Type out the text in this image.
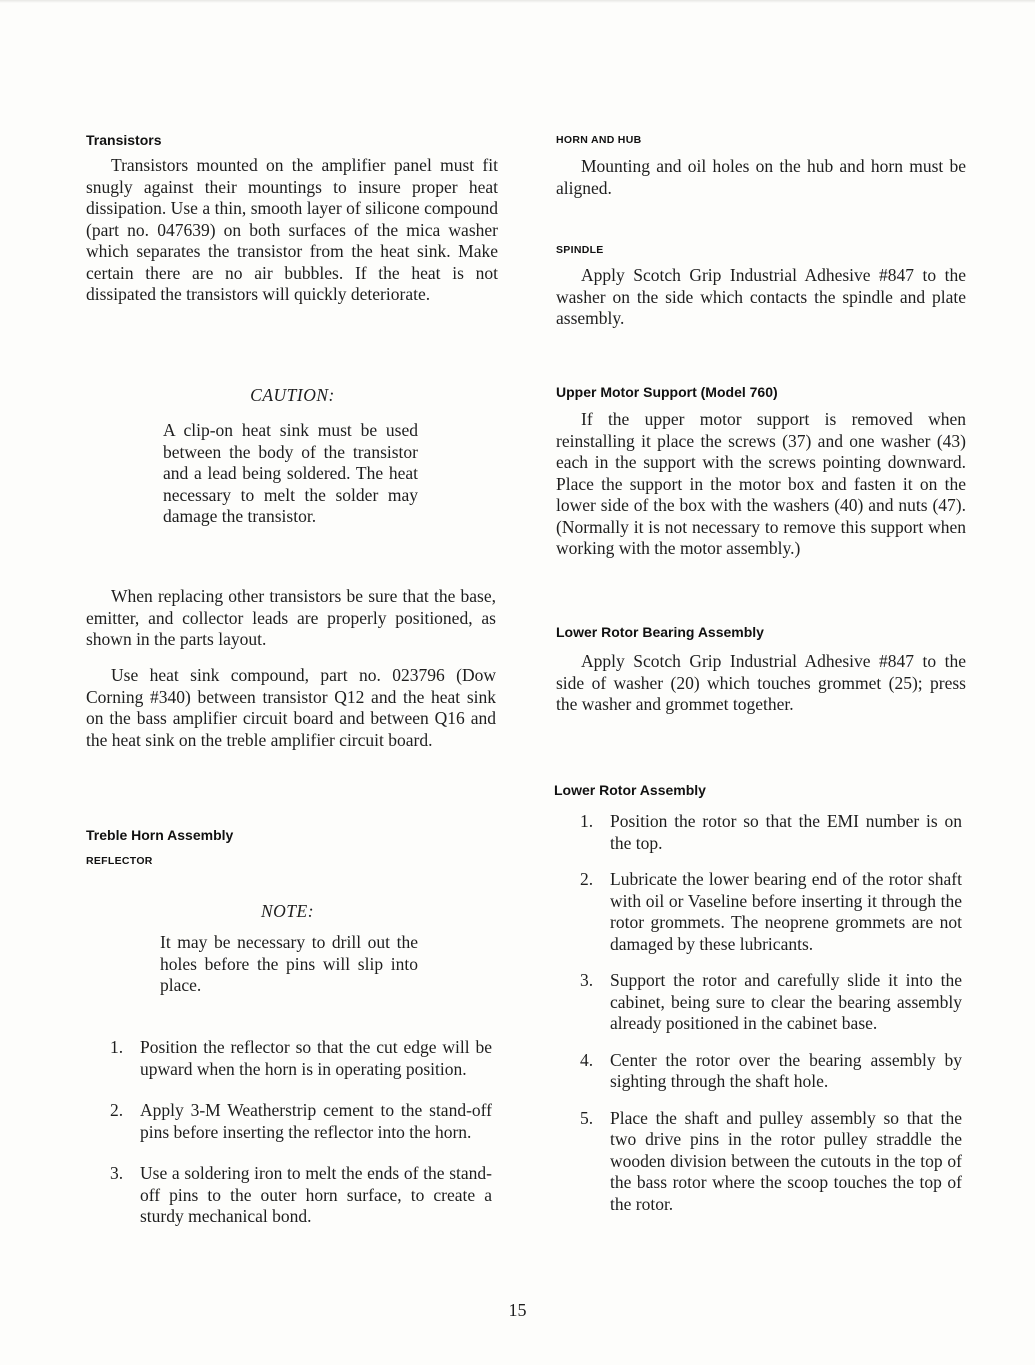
Transistors

Transistors mounted on the amplifier panel must fit snugly against their mountings to insure proper heat dissipation. Use a thin, smooth layer of silicone compound (part no. 047639) on both surfaces of the mica washer which separates the transistor from the heat sink. Make certain there are no air bubbles. If the heat is not dissipated the transistors will quickly deteriorate.

CAUTION:

A clip-on heat sink must be used between the body of the transistor and a lead being soldered. The heat necessary to melt the solder may damage the transistor.

When replacing other transistors be sure that the base, emitter, and collector leads are properly positioned, as shown in the parts layout.

Use heat sink compound, part no. 023796 (Dow Corning #340) between transistor Q12 and the heat sink on the bass amplifier circuit board and between Q16 and the heat sink on the treble amplifier circuit board.

Treble Horn Assembly
REFLECTOR
NOTE:

It may be necessary to drill out the holes before the pins will slip into place.

1. Position the reflector so that the cut edge will be upward when the horn is in operating position.
2. Apply 3-M Weatherstrip cement to the stand-off pins before inserting the reflector into the horn.
3. Use a soldering iron to melt the ends of the stand-off pins to the outer horn surface, to create a sturdy mechanical bond.
HORN AND HUB

Mounting and oil holes on the hub and horn must be aligned.

SPINDLE

Apply Scotch Grip Industrial Adhesive #847 to the washer on the side which contacts the spindle and plate assembly.

Upper Motor Support (Model 760)

If the upper motor support is removed when reinstalling it place the screws (37) and one washer (43) each in the support with the screws pointing downward. Place the support in the motor box and fasten it on the lower side of the box with the washers (40) and nuts (47). (Normally it is not necessary to remove this support when working with the motor assembly.)

Lower Rotor Bearing Assembly

Apply Scotch Grip Industrial Adhesive #847 to the side of washer (20) which touches grommet (25); press the washer and grommet together.

Lower Rotor Assembly
1. Position the rotor so that the EMI number is on the top.
2. Lubricate the lower bearing end of the rotor shaft with oil or Vaseline before inserting it through the rotor grommets. The neoprene grommets are not damaged by these lubricants.
3. Support the rotor and carefully slide it into the cabinet, being sure to clear the bearing assembly already positioned in the cabinet base.
4. Center the rotor over the bearing assembly by sighting through the shaft hole.
5. Place the shaft and pulley assembly so that the two drive pins in the rotor pulley straddle the wooden division between the cutouts in the top of the bass rotor where the scoop touches the top of the rotor.
15
